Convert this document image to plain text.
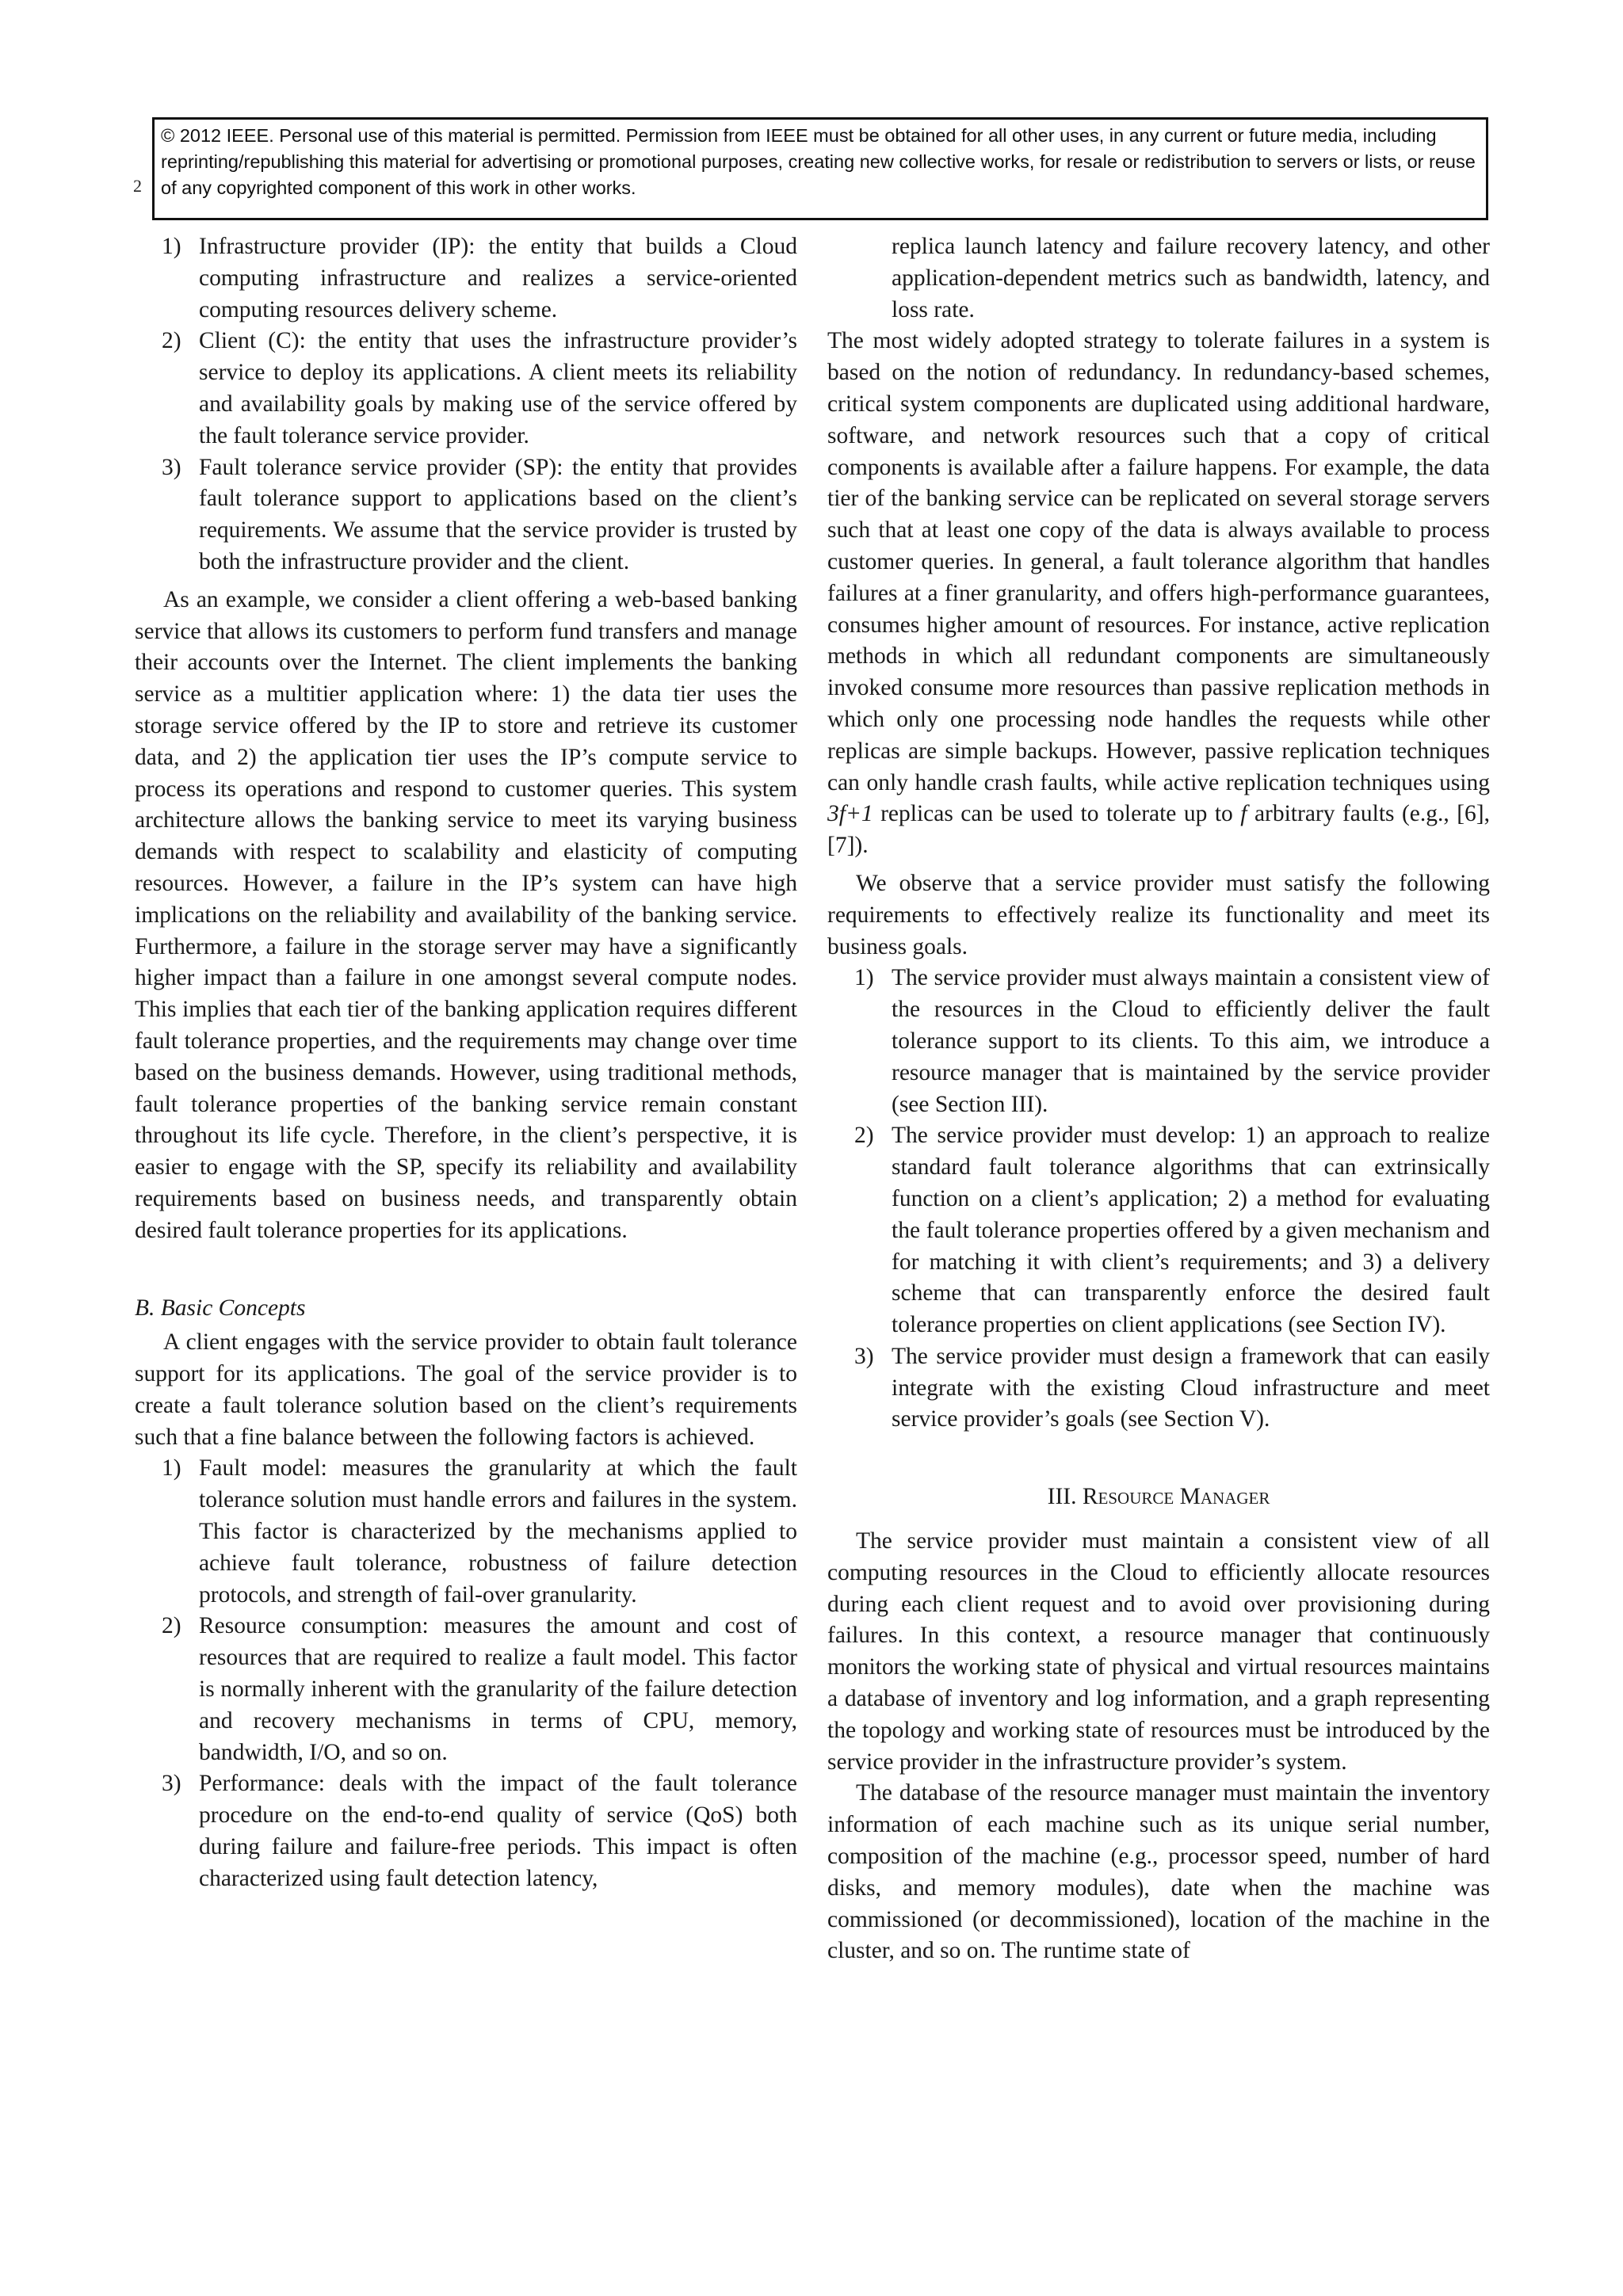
2
© 2012 IEEE. Personal use of this material is permitted. Permission from IEEE must be obtained for all other uses, in any current or future media, including reprinting/republishing this material for advertising or promotional purposes, creating new collective works, for resale or redistribution to servers or lists, or reuse of any copyrighted component of this work in other works.
1) Infrastructure provider (IP): the entity that builds a Cloud computing infrastructure and realizes a service-oriented computing resources delivery scheme.
2) Client (C): the entity that uses the infrastructure provider’s service to deploy its applications. A client meets its reliability and availability goals by making use of the service offered by the fault tolerance service provider.
3) Fault tolerance service provider (SP): the entity that provides fault tolerance support to applications based on the client’s requirements. We assume that the service provider is trusted by both the infrastructure provider and the client.

As an example, we consider a client offering a web-based banking service that allows its customers to perform fund transfers and manage their accounts over the Internet. The client implements the banking service as a multitier application where: 1) the data tier uses the storage service offered by the IP to store and retrieve its customer data, and 2) the application tier uses the IP’s compute service to process its operations and respond to customer queries. This system architecture allows the banking service to meet its varying business demands with respect to scalability and elasticity of computing resources. However, a failure in the IP’s system can have high implications on the reliability and availability of the banking service. Furthermore, a failure in the storage server may have a significantly higher impact than a failure in one amongst several compute nodes. This implies that each tier of the banking application requires different fault tolerance properties, and the requirements may change over time based on the business demands. However, using traditional methods, fault tolerance properties of the banking service remain constant throughout its life cycle. Therefore, in the client’s perspective, it is easier to engage with the SP, specify its reliability and availability requirements based on business needs, and transparently obtain desired fault tolerance properties for its applications.

B. Basic Concepts

A client engages with the service provider to obtain fault tolerance support for its applications. The goal of the service provider is to create a fault tolerance solution based on the client’s requirements such that a fine balance between the following factors is achieved.

1) Fault model: measures the granularity at which the fault tolerance solution must handle errors and failures in the system. This factor is characterized by the mechanisms applied to achieve fault tolerance, robustness of failure detection protocols, and strength of fail-over granularity.
2) Resource consumption: measures the amount and cost of resources that are required to realize a fault model. This factor is normally inherent with the granularity of the failure detection and recovery mechanisms in terms of CPU, memory, bandwidth, I/O, and so on.
3) Performance: deals with the impact of the fault tolerance procedure on the end-to-end quality of service (QoS) both during failure and failure-free periods. This impact is often characterized using fault detection latency,
replica launch latency and failure recovery latency, and other application-dependent metrics such as bandwidth, latency, and loss rate.

The most widely adopted strategy to tolerate failures in a system is based on the notion of redundancy. In redundancy-based schemes, critical system components are duplicated using additional hardware, software, and network resources such that a copy of critical components is available after a failure happens. For example, the data tier of the banking service can be replicated on several storage servers such that at least one copy of the data is always available to process customer queries. In general, a fault tolerance algorithm that handles failures at a finer granularity, and offers high-performance guarantees, consumes higher amount of resources. For instance, active replication methods in which all redundant components are simultaneously invoked consume more resources than passive replication methods in which only one processing node handles the requests while other replicas are simple backups. However, passive replication techniques can only handle crash faults, while active replication techniques using 3f+1 replicas can be used to tolerate up to f arbitrary faults (e.g., [6], [7]).

We observe that a service provider must satisfy the following requirements to effectively realize its functionality and meet its business goals.

1) The service provider must always maintain a consistent view of the resources in the Cloud to efficiently deliver the fault tolerance support to its clients. To this aim, we introduce a resource manager that is maintained by the service provider (see Section III).
2) The service provider must develop: 1) an approach to realize standard fault tolerance algorithms that can extrinsically function on a client’s application; 2) a method for evaluating the fault tolerance properties offered by a given mechanism and for matching it with client’s requirements; and 3) a delivery scheme that can transparently enforce the desired fault tolerance properties on client applications (see Section IV).
3) The service provider must design a framework that can easily integrate with the existing Cloud infrastructure and meet service provider’s goals (see Section V).
III. Resource Manager

The service provider must maintain a consistent view of all computing resources in the Cloud to efficiently allocate resources during each client request and to avoid over provisioning during failures. In this context, a resource manager that continuously monitors the working state of physical and virtual resources maintains a database of inventory and log information, and a graph representing the topology and working state of resources must be introduced by the service provider in the infrastructure provider’s system.

The database of the resource manager must maintain the inventory information of each machine such as its unique serial number, composition of the machine (e.g., processor speed, number of hard disks, and memory modules), date when the machine was commissioned (or decommissioned), location of the machine in the cluster, and so on. The runtime state of
